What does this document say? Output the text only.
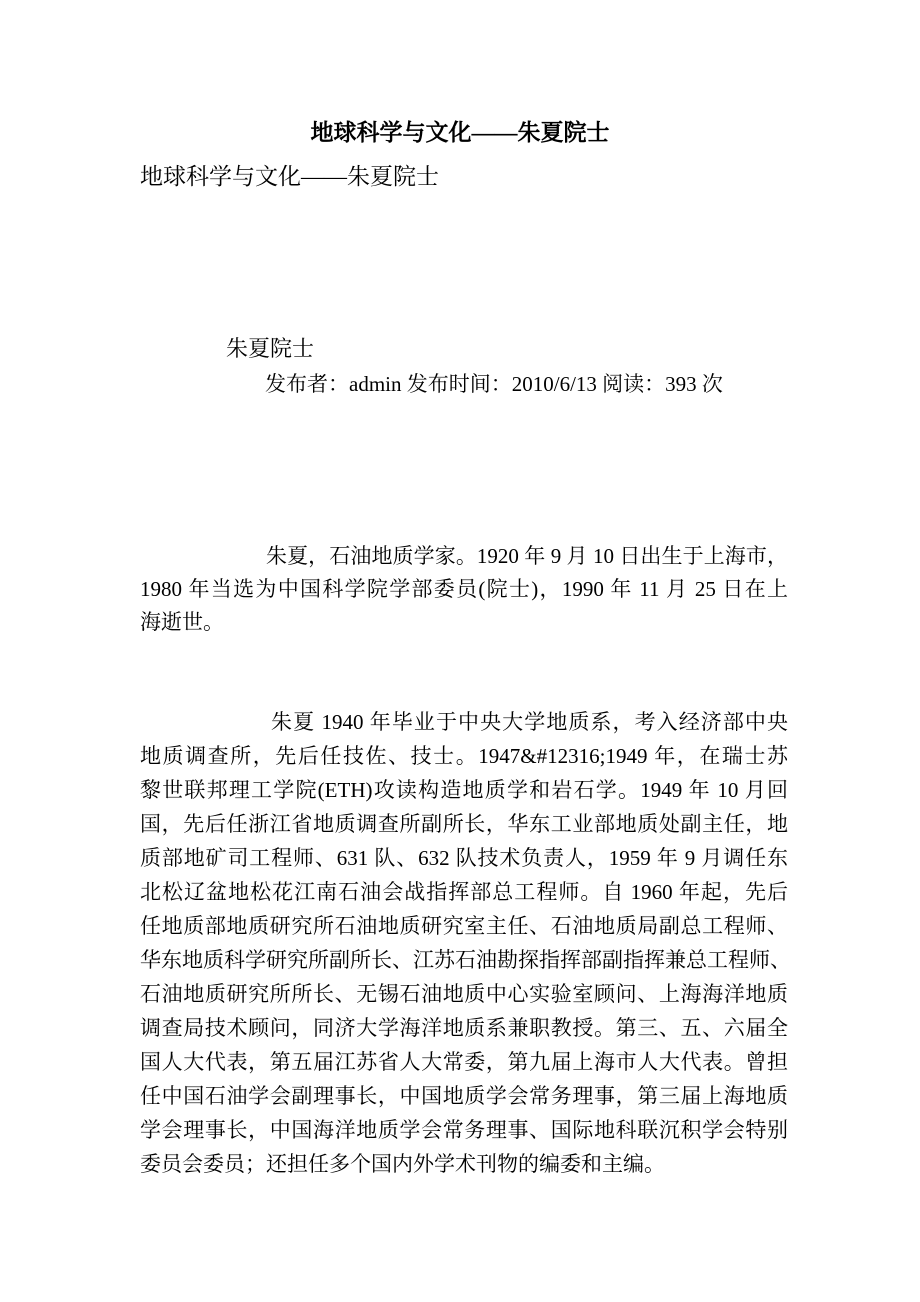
地球科学与文化——朱夏院士
地球科学与文化——朱夏院士
朱夏院士
发布者：admin 发布时间：2010/6/13 阅读：393 次
朱夏，石油地质学家。1920 年 9 月 10 日出生于上海市，
1980 年当选为中国科学院学部委员(院士)，1990 年 11 月 25 日在上
海逝世。
朱夏 1940 年毕业于中央大学地质系，考入经济部中央
地质调查所，先后任技佐、技士。1947&#12316;1949 年，在瑞士苏
黎世联邦理工学院(ETH)攻读构造地质学和岩石学。1949 年 10 月回
国，先后任浙江省地质调查所副所长，华东工业部地质处副主任，地
质部地矿司工程师、631 队、632 队技术负责人，1959 年 9 月调任东
北松辽盆地松花江南石油会战指挥部总工程师。自 1960 年起，先后
任地质部地质研究所石油地质研究室主任、石油地质局副总工程师、
华东地质科学研究所副所长、江苏石油勘探指挥部副指挥兼总工程师、
石油地质研究所所长、无锡石油地质中心实验室顾问、上海海洋地质
调查局技术顾问，同济大学海洋地质系兼职教授。第三、五、六届全
国人大代表，第五届江苏省人大常委，第九届上海市人大代表。曾担
任中国石油学会副理事长，中国地质学会常务理事，第三届上海地质
学会理事长，中国海洋地质学会常务理事、国际地科联沉积学会特别
委员会委员；还担任多个国内外学术刊物的编委和主编。
